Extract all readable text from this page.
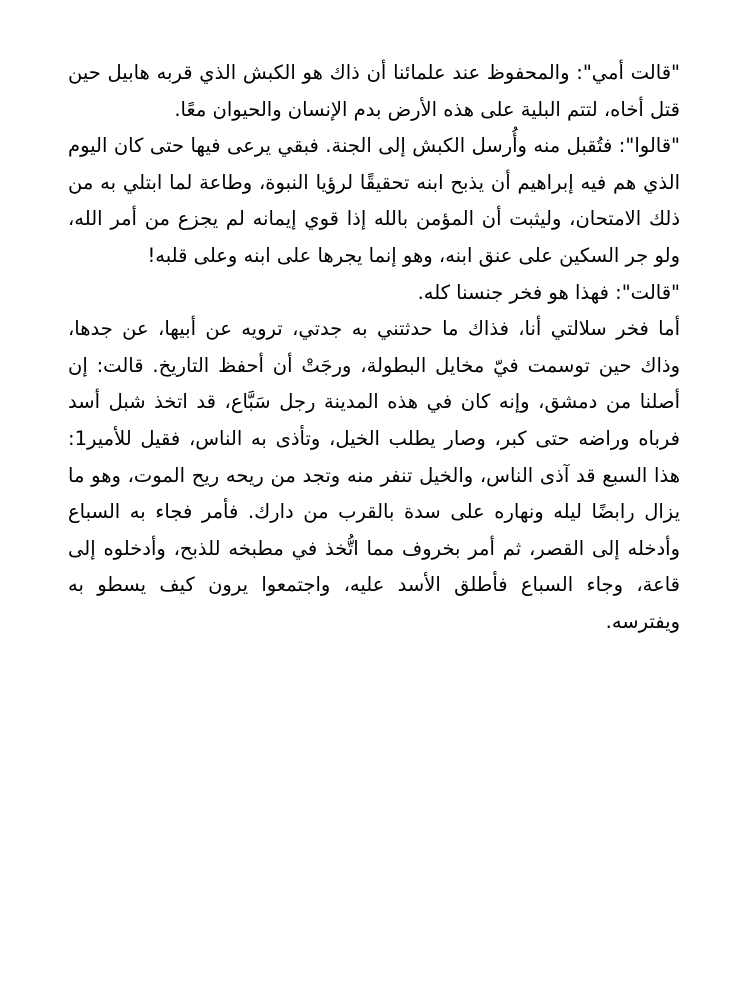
"قالت أمي": والمحفوظ عند علمائنا أن ذاك هو الكبش الذي قربه هابيل حين قتل أخاه، لتتم البلية على هذه الأرض بدم الإنسان والحيوان معًا.

"قالوا": فتُقبل منه وأُرسل الكبش إلى الجنة. فبقي يرعى فيها حتى كان اليوم الذي هم فيه إبراهيم أن يذبح ابنه تحقيقًا لرؤيا النبوة، وطاعة لما ابتلي به من ذلك الامتحان، وليثبت أن المؤمن بالله إذا قوي إيمانه لم يجزع من أمر الله، ولو جر السكين على عنق ابنه، وهو إنما يجرها على ابنه وعلى قلبه!

"قالت": فهذا هو فخر جنسنا كله.

أما فخر سلالتي أنا، فذاك ما حدثتني به جدتي، ترويه عن أبيها، عن جدها، وذاك حين توسمت فيّ مخايل البطولة، ورجَتْ أن أحفظ التاريخ. قالت: إن أصلنا من دمشق، وإنه كان في هذه المدينة رجل سَبَّاع، قد اتخذ شبل أسد فرباه وراضه حتى كبر، وصار يطلب الخيل، وتأذى به الناس، فقيل للأمير1: هذا السبع قد آذى الناس، والخيل تنفر منه وتجد من ريحه ريح الموت، وهو ما يزال رابضًا ليله ونهاره على سدة بالقرب من دارك. فأمر فجاء به السباع وأدخله إلى القصر، ثم أمر بخروف مما اتُّخذ في مطبخه للذبح، وأدخلوه إلى قاعة، وجاء السباع فأطلق الأسد عليه، واجتمعوا يرون كيف يسطو به ويفترسه.
